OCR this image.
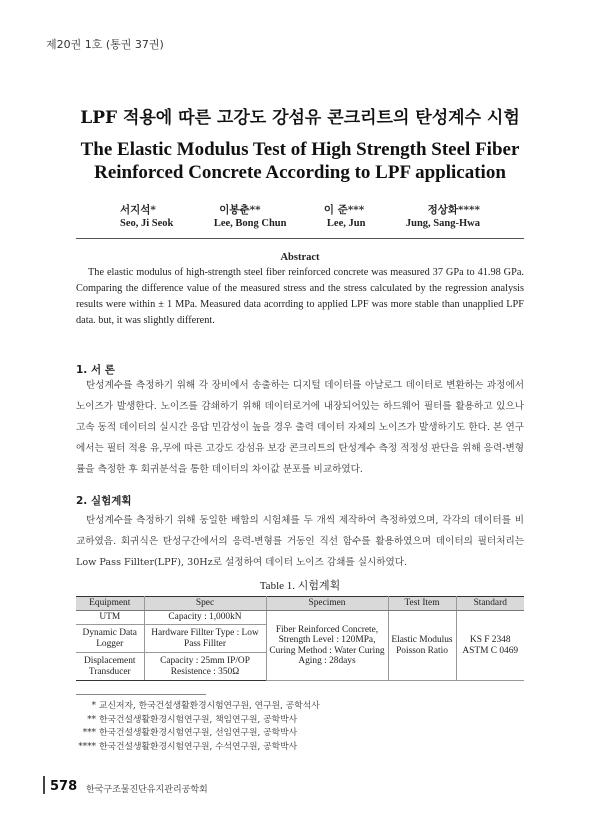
제20권 1호 (통권 37권)
LPF 적용에 따른 고강도 강섬유 콘크리트의 탄성계수 시험
The Elastic Modulus Test of High Strength Steel Fiber
Reinforced Concrete According to LPF application
서지석*	이봉춘**	이 준***	정상화****
Seo, Ji Seok	Lee, Bong Chun	Lee, Jun	Jung, Sang-Hwa
Abstract

The elastic modulus of high-strength steel fiber reinforced concrete was measured 37 GPa to 41.98 GPa. Comparing the difference value of the measured stress and the stress calculated by the regression analysis results were within ± 1 MPa. Measured data acorrding to applied LPF was more stable than unapplied LPF data. but, it was slightly different.

1. 서 론

탄성계수를 측정하기 위해 각 장비에서 송출하는 디지털 데이터를 아날로그 데이터로 변환하는 과정에서 노이즈가 발생한다. 노이즈를 감쇄하기 위해 데이터로거에 내장되어있는 하드웨어 필터를 활용하고 있으나 고속 동적 데이터의 실시간 응답 민감성이 높을 경우 출력 데이터 자체의 노이즈가 발생하기도 한다. 본 연구에서는 필터 적용 유,무에 따른 고강도 강섬유 보강 콘크리트의 탄성계수 측정 적정성 판단을 위해 응력-변형률을 측정한 후 회귀분석을 통한 데이터의 차이값 분포를 비교하였다.

2. 실험계획

탄성계수를 측정하기 위해 동일한 배합의 시험체를 두 개씩 제작하여 측정하였으며, 각각의 데이터를 비교하였음. 회귀식은 탄성구간에서의 응력-변형를 거동인 직선 함수를 활용하였으며 데이터의 필터처리는 Low Pass Fillter(LPF), 30Hz로 설정하여 데이터 노이즈 감쇄를 실시하였다.

Table 1. 시험계획
Equipment	Spec	Specimen	Test Item	Standard
UTM	Capacity : 1,000kN	Fiber Reinforced Concrete, Strength Level : 120MPa, Curing Method : Water Curing Aging : 28days	Elastic Modulus Poisson Ratio	KS F 2348 ASTM C 0469
Dynamic Data Logger	Hardware Fillter Type : Low Pass Fillter			
Displacement Transducer	Capacity : 25mm IP/OP Resistence : 350Ω			
* 교신저자, 한국건설생활환경시험연구원, 연구원, 공학석사
** 한국건설생활환경시험연구원, 책임연구원, 공학박사
*** 한국건설생활환경시험연구원, 선임연구원, 공학박사
**** 한국건설생활환경시험연구원, 수석연구원, 공학박사
578 한국구조물진단유지관리공학회
